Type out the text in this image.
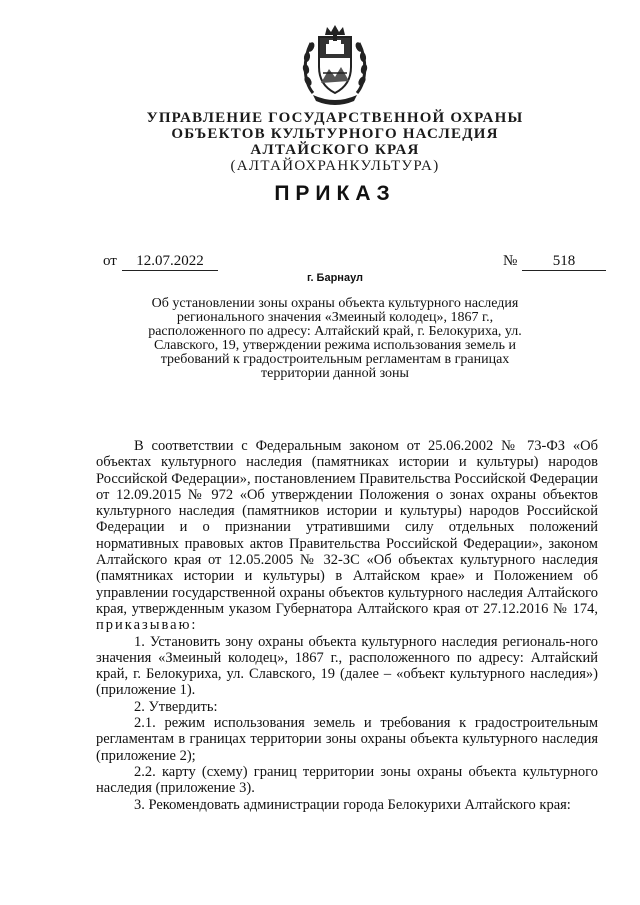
УПРАВЛЕНИЕ ГОСУДАРСТВЕННОЙ ОХРАНЫ
ОБЪЕКТОВ КУЛЬТУРНОГО НАСЛЕДИЯ
АЛТАЙСКОГО КРАЯ
(АЛТАЙОХРАНКУЛЬТУРА)
ПРИКАЗ
от	12.07.2022	№	518
г. Барнаул
Об установлении зоны охраны объекта культурного наследия регионального значения «Змеиный колодец», 1867 г., расположенного по адресу: Алтайский край, г. Белокуриха, ул. Славского, 19, утверждении режима использования земель и требований к градостроительным регламентам в границах территории данной зоны

В соответствии с Федеральным законом от 25.06.2002 № 73-ФЗ «Об объектах культурного наследия (памятниках истории и культуры) народов Российской Федерации», постановлением Правительства Российской Федерации от 12.09.2015 № 972 «Об утверждении Положения о зонах охраны объектов культурного наследия (памятников истории и культуры) народов Российской Федерации и о признании утратившими силу отдельных положений нормативных правовых актов Правительства Российской Федерации», законом Алтайского края от 12.05.2005 № 32-ЗС «Об объектах культурного наследия (памятниках истории и культуры) в Алтайском крае» и Положением об управлении государственной охраны объектов культурного наследия Алтайского края, утвержденным указом Губернатора Алтайского края от 27.12.2016 № 174, приказываю:

1. Установить зону охраны объекта культурного наследия региональ-ного значения «Змеиный колодец», 1867 г., расположенного по адресу: Алтайский край, г. Белокуриха, ул. Славского, 19 (далее – «объект культурного наследия») (приложение 1).

2. Утвердить:

2.1. режим использования земель и требования к градостроительным регламентам в границах территории зоны охраны объекта культурного наследия (приложение 2);

2.2. карту (схему) границ территории зоны охраны объекта культурного наследия (приложение 3).

3. Рекомендовать администрации города Белокурихи Алтайского края:
